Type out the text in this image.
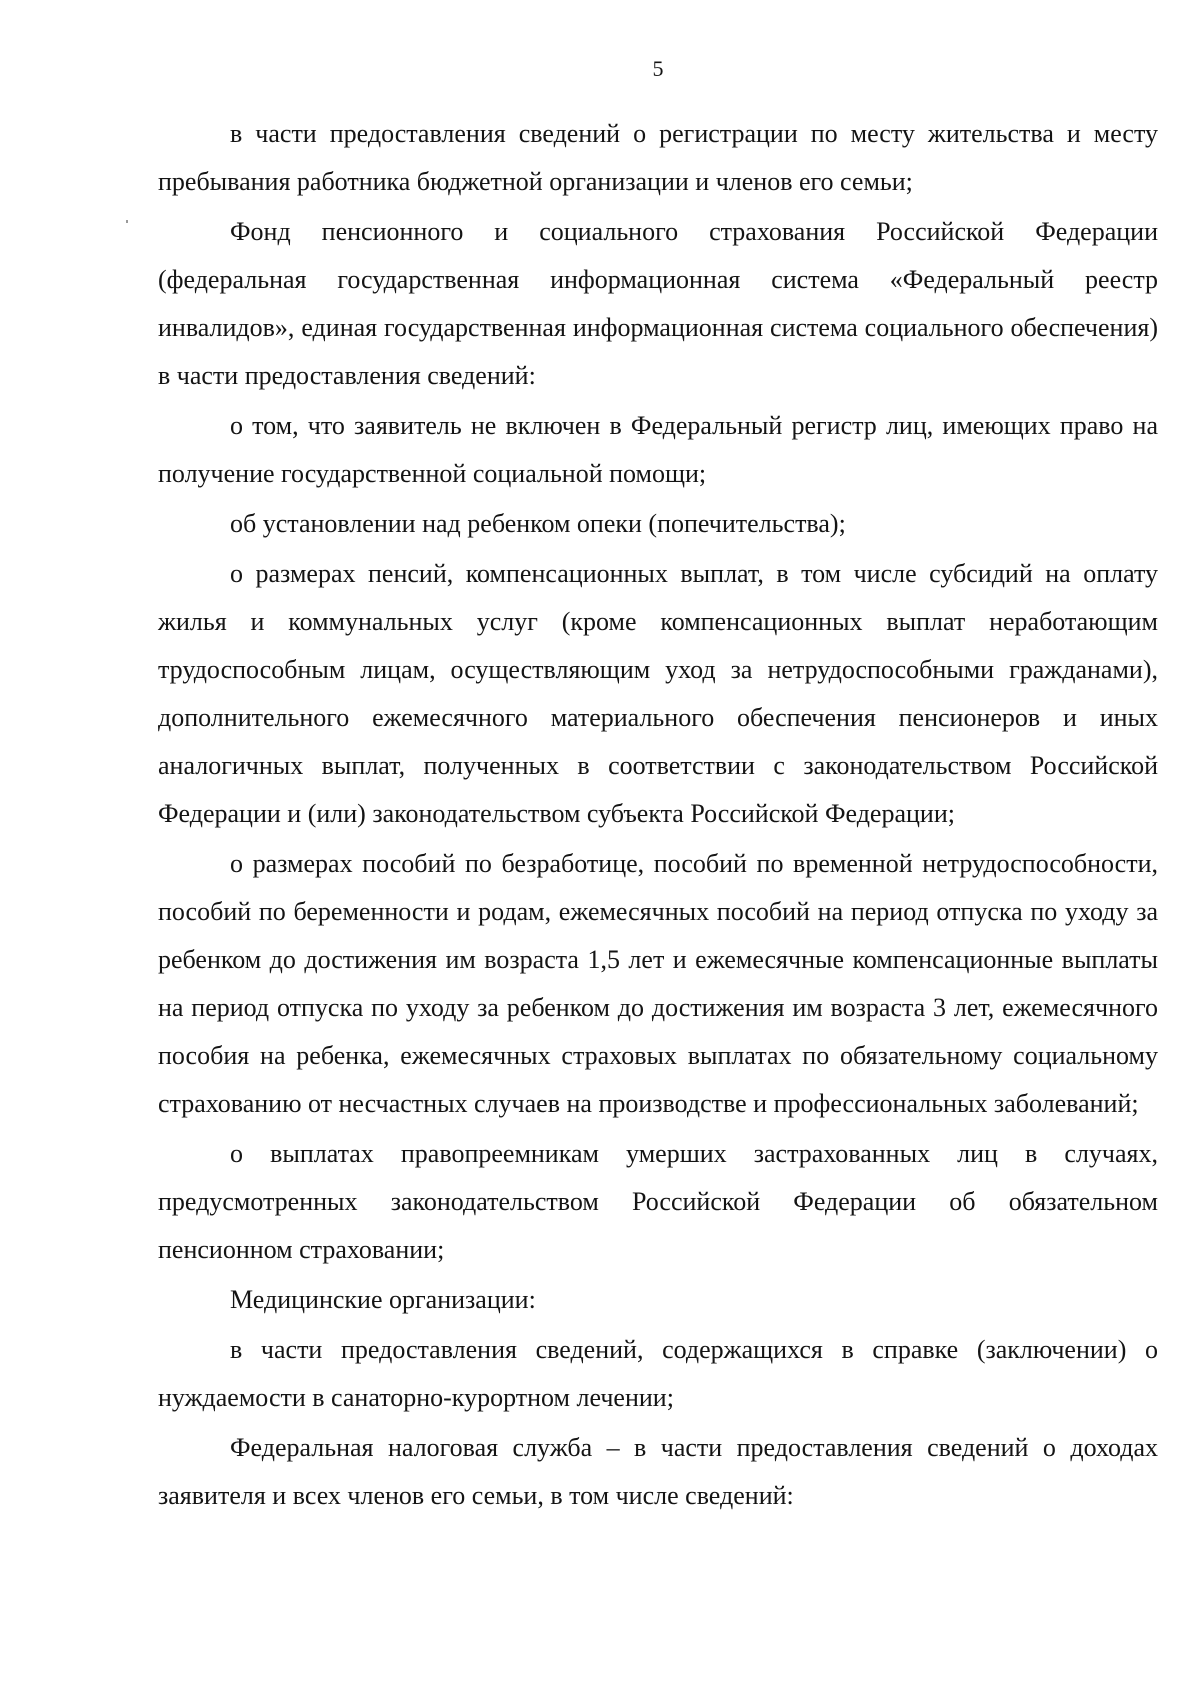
5

в части предоставления сведений о регистрации по месту жительства и месту пребывания работника бюджетной организации и членов его семьи;

Фонд пенсионного и социального страхования Российской Федерации (федеральная государственная информационная система «Федеральный реестр инвалидов», единая государственная информационная система социального обеспечения) в части предоставления сведений:

о том, что заявитель не включен в Федеральный регистр лиц, имеющих право на получение государственной социальной помощи;

об установлении над ребенком опеки (попечительства);

о размерах пенсий, компенсационных выплат, в том числе субсидий на оплату жилья и коммунальных услуг (кроме компенсационных выплат неработающим трудоспособным лицам, осуществляющим уход за нетрудоспособными гражданами), дополнительного ежемесячного материального обеспечения пенсионеров и иных аналогичных выплат, полученных в соответствии с законодательством Российской Федерации и (или) законодательством субъекта Российской Федерации;

о размерах пособий по безработице, пособий по временной нетрудоспособности, пособий по беременности и родам, ежемесячных пособий на период отпуска по уходу за ребенком до достижения им возраста 1,5 лет и ежемесячные компенсационные выплаты на период отпуска по уходу за ребенком до достижения им возраста 3 лет, ежемесячного пособия на ребенка, ежемесячных страховых выплатах по обязательному социальному страхованию от несчастных случаев на производстве и профессиональных заболеваний;

о выплатах правопреемникам умерших застрахованных лиц в случаях, предусмотренных законодательством Российской Федерации об обязательном пенсионном страховании;

Медицинские организации:

в части предоставления сведений, содержащихся в справке (заключении) о нуждаемости в санаторно-курортном лечении;

Федеральная налоговая служба – в части предоставления сведений о доходах заявителя и всех членов его семьи, в том числе сведений:
